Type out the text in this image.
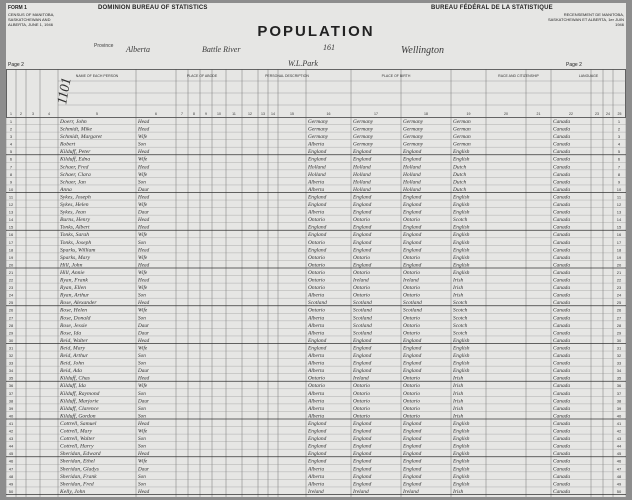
FORM 1
CENSUS OF MANITOBA, SASKATCHEWAN AND ALBERTA, JUNE 1, 1946
DOMINION BUREAU OF STATISTICS	BUREAU FÉDÉRAL DE LA STATISTIQUE
RECENSEMENT DE MANITOBA, SASKATCHEWAN ET ALBERTA, 1er JUIN 1946
POPULATION
Province Alberta	Battle River	161	Wellington
W.L.Park
Page 2	Page 2
NAME OF EACH PERSON	PLACE OF ABODE	PERSONAL DESCRIPTION	PLACE OF BIRTH	RACE AND CITIZENSHIP	LANGUAGE
1 2	3	4	5	6	7	8	9	10	11	12	13 14	15	16	17	18	19	20	21	22	23 24 25
1101
1	Doerr, John	Head	Germany	Germany	Germany	German	Canada	1
2	Schmidt, Mike	Head	Germany	Germany	Germany	German	Canada	2
3	Schmidt, Margaret	Wife	Germany	Germany	Germany	German	Canada	3
4	Robert	Son	Alberta	Germany	Germany	German	Canada	4
5	Kilduff, Peter	Head	England	England	England	English	Canada	5
6	Kilduff, Edna	Wife	England	England	England	English	Canada	6
7	Schaer, Fred	Head	Holland	Holland	Holland	Dutch	Canada	7
8	Schaer, Clara	Wife	Holland	Holland	Holland	Dutch	Canada	8
9	Schaer, Jan	Son	Alberta	Holland	Holland	Dutch	Canada	9
10	Anna	Daur	Alberta	Holland	Holland	Dutch	Canada	10
11	Sykes, Joseph	Head	England	England	England	English	Canada	11
12	Sykes, Helen	Wife	England	England	England	English	Canada	12
13	Sykes, Jean	Daur	Alberta	England	England	English	Canada	13
14	Burns, Henry	Head	Ontario	Ontario	Ontario	Scotch	Canada	14
15	Tonks, Albert	Head	England	England	England	English	Canada	15
16	Tonks, Sarah	Wife	England	England	England	English	Canada	16
17	Tonks, Joseph	Son	Ontario	England	England	English	Canada	17
18	Sparks, William	Head	England	England	England	English	Canada	18
19	Sparks, Mary	Wife	Ontario	Ontario	Ontario	English	Canada	19
20	Hill, John	Head	Ontario	England	England	English	Canada	20
21	Hill, Annie	Wife	Ontario	Ontario	Ontario	English	Canada	21
22	Ryan, Frank	Head	Ontario	Ireland	Ireland	Irish	Canada	22
23	Ryan, Ellen	Wife	Ontario	Ontario	Ontario	Irish	Canada	23
24	Ryan, Arthur	Son	Alberta	Ontario	Ontario	Irish	Canada	24
25	Rose, Alexander	Head	Scotland	Scotland	Scotland	Scotch	Canada	25
26	Rose, Helen	Wife	Ontario	Scotland	Scotland	Scotch	Canada	26
27	Rose, Donald	Son	Alberta	Scotland	Ontario	Scotch	Canada	27
28	Rose, Jessie	Daur	Alberta	Scotland	Ontario	Scotch	Canada	28
29	Rose, Ida	Daur	Alberta	Scotland	Ontario	Scotch	Canada	29
30	Reid, Walter	Head	England	England	England	English	Canada	30
31	Reid, Mary	Wife	England	England	England	English	Canada	31
32	Reid, Arthur	Son	Alberta	England	England	English	Canada	32
33	Reid, John	Son	Alberta	England	England	English	Canada	33
34	Reid, Ada	Daur	Alberta	England	England	English	Canada	34
35	Kilduff, Chas	Head	Ontario	Ireland	Ontario	Irish	Canada	35
36	Kilduff, Ida	Wife	Ontario	Ontario	Ontario	Irish	Canada	36
37	Kilduff, Raymond	Son	Alberta	Ontario	Ontario	Irish	Canada	37
38	Kilduff, Marjorie	Daur	Alberta	Ontario	Ontario	Irish	Canada	38
39	Kilduff, Clarence	Son	Alberta	Ontario	Ontario	Irish	Canada	39
40	Kilduff, Gordon	Son	Alberta	Ontario	Ontario	Irish	Canada	40
41	Cottrell, Samuel	Head	England	England	England	English	Canada	41
42	Cottrell, Mary	Wife	England	England	England	English	Canada	42
43	Cottrell, Walter	Son	England	England	England	English	Canada	43
44	Cottrell, Harry	Son	England	England	England	English	Canada	44
45	Sheridan, Edward	Head	England	England	England	English	Canada	45
46	Sheridan, Ethel	Wife	England	England	England	English	Canada	46
47	Sheridan, Gladys	Daur	Alberta	England	England	English	Canada	47
48	Sheridan, Frank	Son	Alberta	England	England	English	Canada	48
49	Sheridan, Fred	Son	Alberta	England	England	English	Canada	49
50	Kelly, John	Head	Ireland	Ireland	Ireland	Irish	Canada	50
